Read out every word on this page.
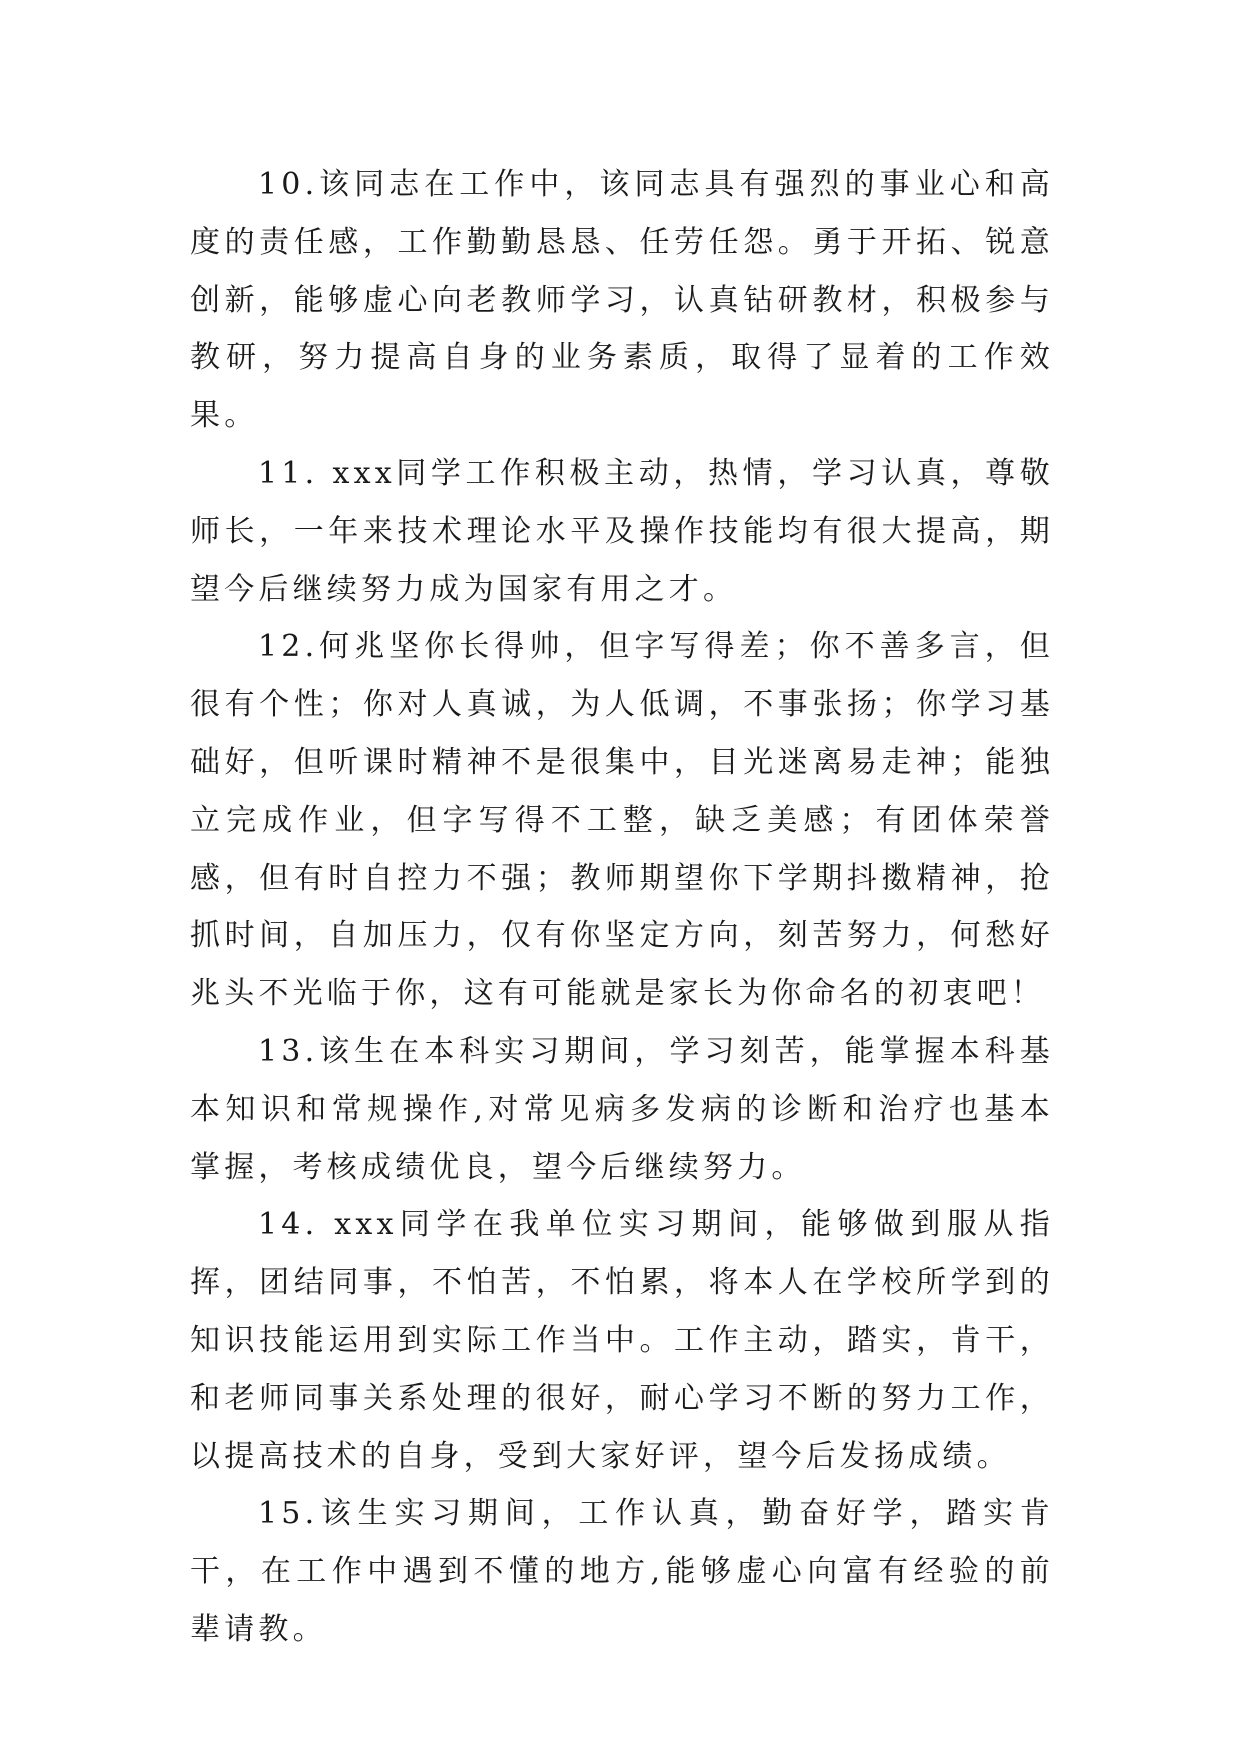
10.该同志在工作中，该同志具有强烈的事业心和高度的责任感，工作勤勤恳恳、任劳任怨。勇于开拓、锐意创新，能够虚心向老教师学习，认真钻研教材，积极参与教研，努力提高自身的业务素质，取得了显着的工作效果。

11. xxx同学工作积极主动，热情，学习认真，尊敬师长，一年来技术理论水平及操作技能均有很大提高，期望今后继续努力成为国家有用之才。

12.何兆坚你长得帅，但字写得差；你不善多言，但很有个性；你对人真诚，为人低调，不事张扬；你学习基础好，但听课时精神不是很集中，目光迷离易走神；能独立完成作业，但字写得不工整，缺乏美感；有团体荣誉感，但有时自控力不强；教师期望你下学期抖擞精神，抢抓时间，自加压力，仅有你坚定方向，刻苦努力，何愁好兆头不光临于你，这有可能就是家长为你命名的初衷吧！

13.该生在本科实习期间，学习刻苦，能掌握本科基本知识和常规操作,对常见病多发病的诊断和治疗也基本掌握，考核成绩优良，望今后继续努力。

14. xxx同学在我单位实习期间，能够做到服从指挥，团结同事，不怕苦，不怕累，将本人在学校所学到的知识技能运用到实际工作当中。工作主动，踏实，肯干，和老师同事关系处理的很好，耐心学习不断的努力工作，以提高技术的自身，受到大家好评，望今后发扬成绩。

15.该生实习期间，工作认真，勤奋好学，踏实肯干，在工作中遇到不懂的地方,能够虚心向富有经验的前辈请教。
